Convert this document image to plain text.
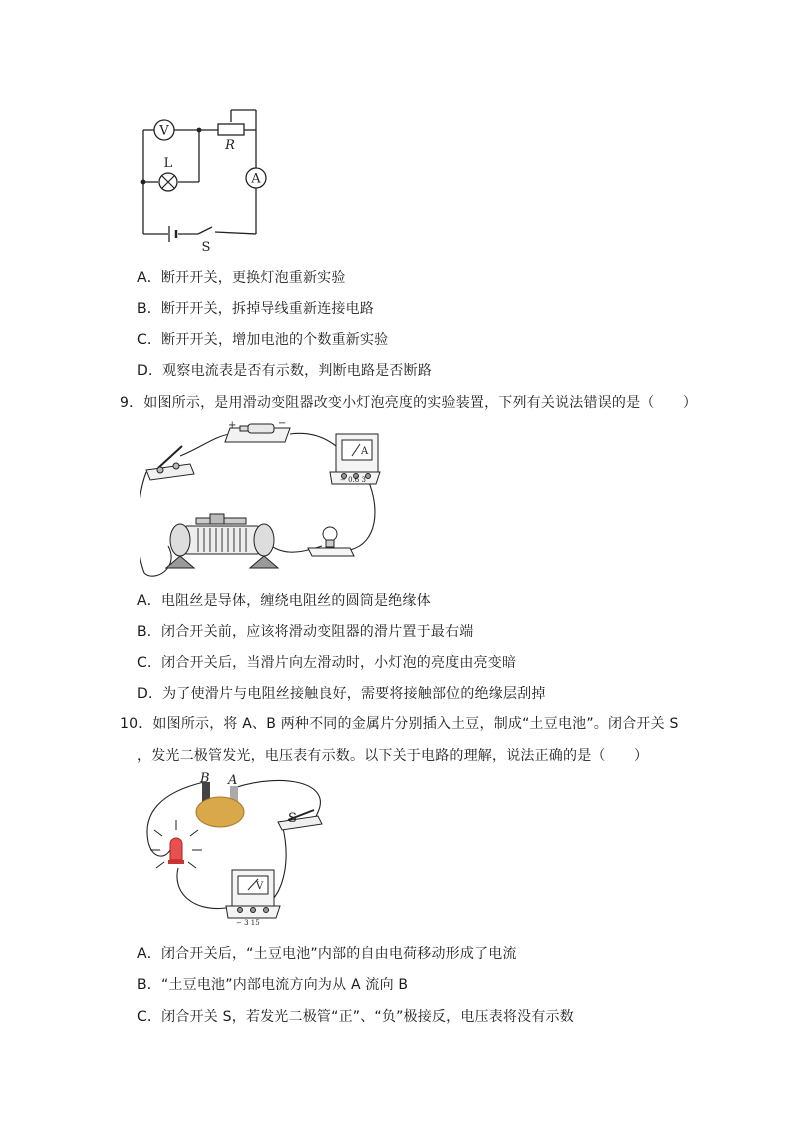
V
L
A
R
S
A．断开开关，更换灯泡重新实验
B．断开开关，拆掉导线重新连接电路
C．断开开关，增加电池的个数重新实验
D．观察电流表是否有示数，判断电路是否断路
9．如图所示，是用滑动变阻器改变小灯泡亮度的实验装置，下列有关说法错误的是（　　）
+	−
A
− 0.6 3
A．电阻丝是导体，缠绕电阻丝的圆筒是绝缘体
B．闭合开关前，应该将滑动变阻器的滑片置于最右端
C．闭合开关后，当滑片向左滑动时，小灯泡的亮度由亮变暗
D．为了使滑片与电阻丝接触良好，需要将接触部位的绝缘层刮掉
10．如图所示，将 A、B 两种不同的金属片分别插入土豆，制成“土豆电池”。闭合开关 S
，发光二极管发光，电压表有示数。以下关于电路的理解，说法正确的是（　　）
B A
S
V
− 3 15
A．闭合开关后，“土豆电池”内部的自由电荷移动形成了电流
B．“土豆电池”内部电流方向为从 A 流向 B
C．闭合开关 S，若发光二极管“正”、“负”极接反，电压表将没有示数
